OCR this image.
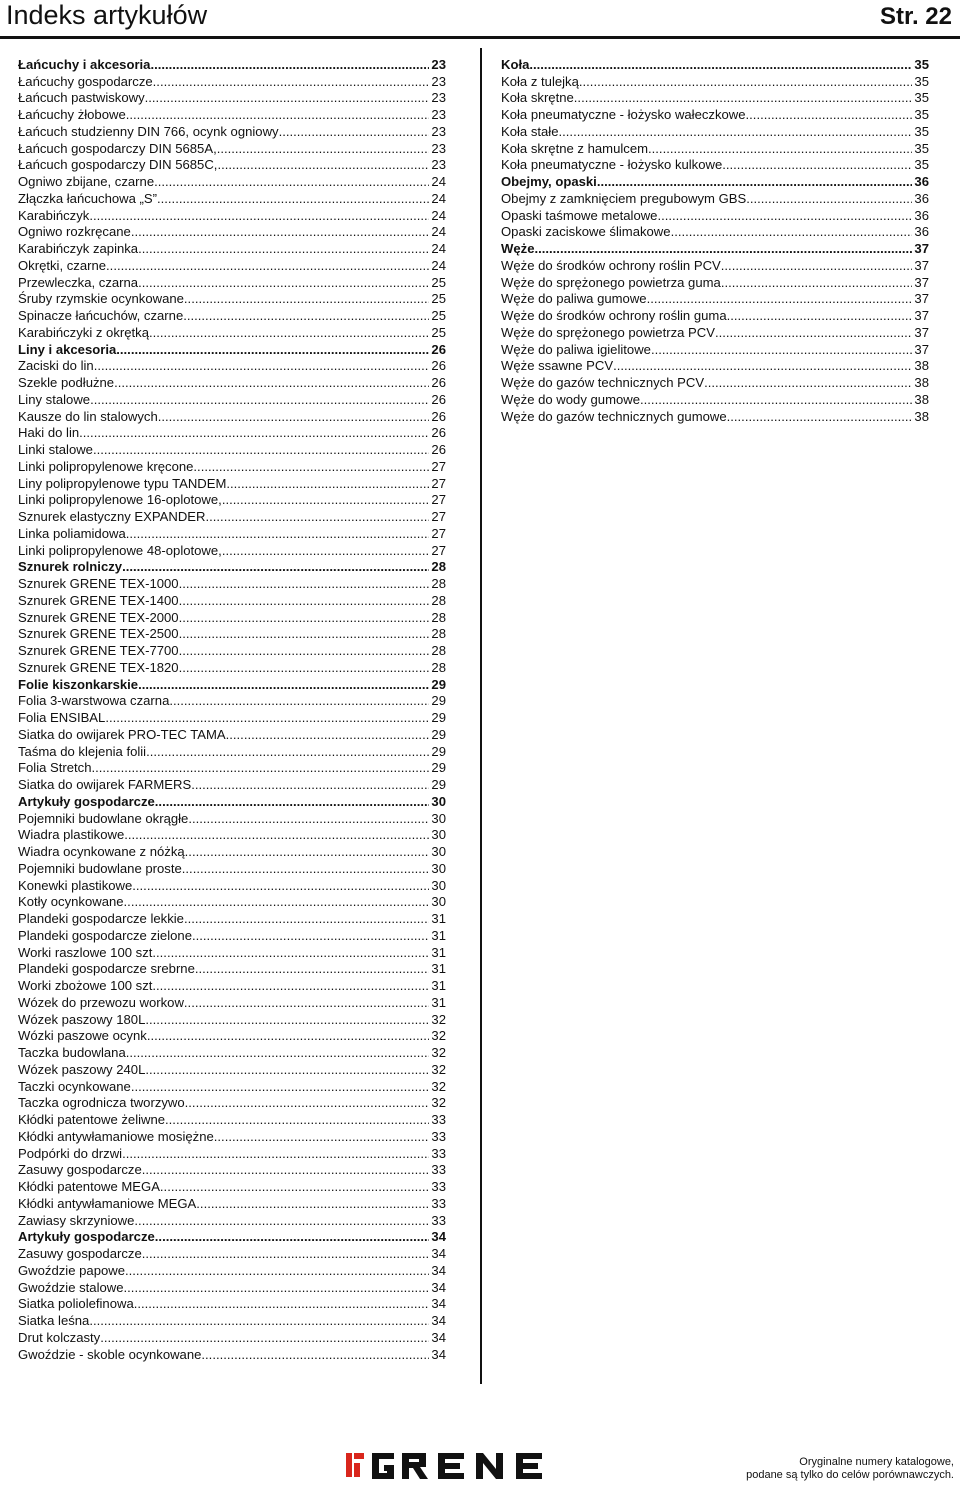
Indeks artykułów	Str. 22
Łańcuchy i akcesoria .....	23
Łańcuchy gospodarcze .....	23
Łańcuch pastwiskowy .....	23
Łańcuchy żłobowe .....	23
Łańcuch studzienny DIN 766, ocynk ogniowy .....	23
Łańcuch gospodarczy DIN 5685A, .....	23
Łańcuch gospodarczy DIN 5685C, .....	23
Ogniwo zbijane, czarne .....	24
Złączka łańcuchowa „S” .....	24
Karabińczyk .....	24
Ogniwo rozkręcane .....	24
Karabińczyk zapinka .....	24
Okrętki, czarne .....	24
Przewleczka, czarna .....	25
Śruby rzymskie ocynkowane .....	25
Spinacze łańcuchów, czarne .....	25
Karabińczyki z okrętką .....	25
Liny i akcesoria .....	26
Zaciski do lin .....	26
Szekle podłużne .....	26
Liny stalowe .....	26
Kausze do lin stalowych .....	26
Haki do lin .....	26
Linki stalowe .....	26
Linki polipropylenowe kręcone .....	27
Liny polipropylenowe typu TANDEM .....	27
Linki polipropylenowe 16-oplotowe, .....	27
Sznurek elastyczny EXPANDER .....	27
Linka poliamidowa .....	27
Linki polipropylenowe 48-oplotowe, .....	27
Sznurek rolniczy .....	28
Sznurek GRENE TEX-1000 .....	28
Sznurek GRENE TEX-1400 .....	28
Sznurek GRENE TEX-2000 .....	28
Sznurek GRENE TEX-2500 .....	28
Sznurek GRENE TEX-7700 .....	28
Sznurek GRENE TEX-1820 .....	28
Folie kiszonkarskie .....	29
Folia 3-warstwowa czarna .....	29
Folia ENSIBAL .....	29
Siatka do owijarek PRO-TEC TAMA .....	29
Taśma do klejenia folii .....	29
Folia Stretch .....	29
Siatka do owijarek FARMERS .....	29
Artykuły gospodarcze .....	30
Pojemniki budowlane okrągłe .....	30
Wiadra plastikowe .....	30
Wiadra ocynkowane z nóżką .....	30
Pojemniki budowlane proste .....	30
Konewki plastikowe .....	30
Kotły ocynkowane .....	30
Plandeki gospodarcze lekkie .....	31
Plandeki gospodarcze zielone .....	31
Worki raszlowe 100 szt .....	31
Plandeki gospodarcze srebrne .....	31
Worki zbożowe 100 szt .....	31
Wózek do przewozu workow .....	31
Wózek paszowy 180L .....	32
Wózki paszowe ocynk .....	32
Taczka budowlana .....	32
Wózek paszowy 240L .....	32
Taczki ocynkowane .....	32
Taczka ogrodnicza tworzywo .....	32
Kłódki patentowe żeliwne .....	33
Kłódki antywłamaniowe mosiężne .....	33
Podpórki do drzwi .....	33
Zasuwy gospodarcze .....	33
Kłódki patentowe MEGA .....	33
Kłódki antywłamaniowe MEGA .....	33
Zawiasy skrzyniowe .....	33
Artykuły gospodarcze .....	34
Zasuwy gospodarcze .....	34
Gwoździe papowe .....	34
Gwoździe stalowe .....	34
Siatka poliolefinowa .....	34
Siatka leśna .....	34
Drut kolczasty .....	34
Gwoździe - skoble ocynkowane .....	34
Koła .....	35
Koła z tulejką .....	35
Koła skrętne .....	35
Koła pneumatyczne - łożysko wałeczkowe .....	35
Koła stałe .....	35
Koła skrętne z hamulcem .....	35
Koła pneumatyczne - łożysko kulkowe .....	35
Obejmy, opaski .....	36
Obejmy z zamknięciem pregubowym GBS .....	36
Opaski taśmowe metalowe .....	36
Opaski zaciskowe ślimakowe .....	36
Węże .....	37
Węże do środków ochrony roślin PCV .....	37
Węże do sprężonego powietrza guma .....	37
Węże do paliwa gumowe .....	37
Węże do środków ochrony roślin guma .....	37
Węże do sprężonego powietrza PCV .....	37
Węże do paliwa igielitowe .....	37
Węże ssawne PCV .....	38
Węże do gazów technicznych PCV .....	38
Węże do wody gumowe .....	38
Węże do gazów technicznych gumowe .....	38
Oryginalne numery katalogowe,
podane są tylko do celów porównawczych.
